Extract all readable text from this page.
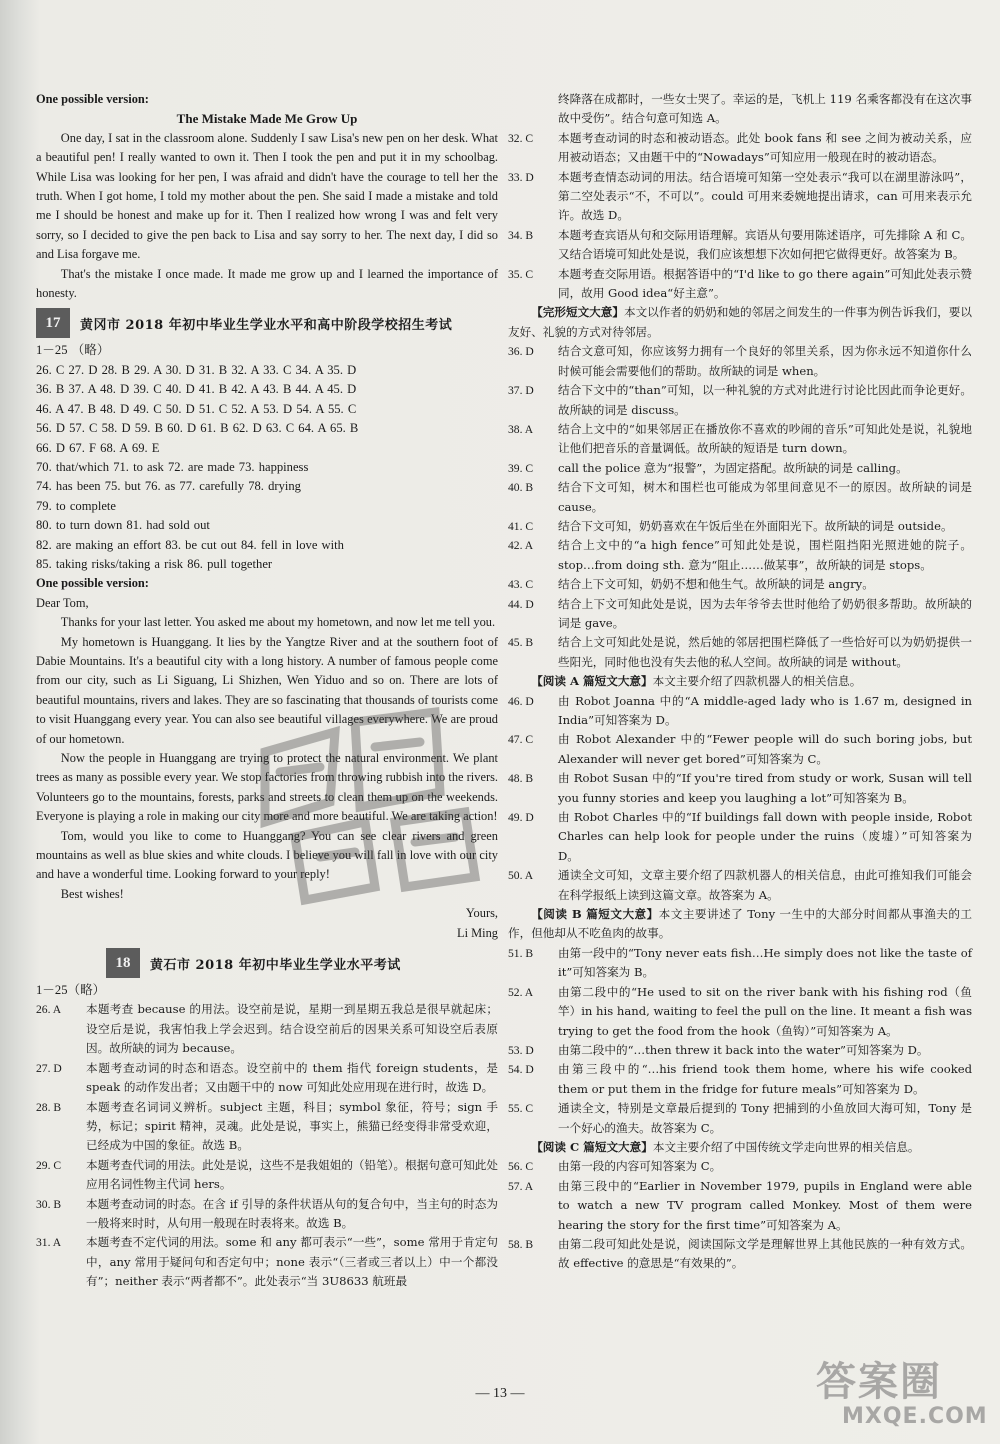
One possible version:

The Mistake Made Me Grow Up

One day, I sat in the classroom alone. Suddenly I saw Lisa's new pen on her desk. What a beautiful pen! I really wanted to own it. Then I took the pen and put it in my schoolbag. While Lisa was looking for her pen, I was afraid and didn't have the courage to tell her the truth. When I got home, I told my mother about the pen. She said I made a mistake and told me I should be honest and make up for it. Then I realized how wrong I was and felt very sorry, so I decided to give the pen back to Lisa and say sorry to her. The next day, I did so and Lisa forgave me.

That's the mistake I once made. It made me grow up and I learned the importance of honesty.

17	黄冈市 2018 年初中毕业生学业水平和高中阶段学校招生考试

1－25 （略）

26. C 27. D 28. B 29. A 30. D 31. B 32. A 33. C 34. A 35. D

36. B 37. A 48. D 39. C 40. D 41. B 42. A 43. B 44. A 45. D

46. A 47. B 48. D 49. C 50. D 51. C 52. A 53. D 54. A 55. C

56. D 57. C 58. D 59. B 60. D 61. B 62. D 63. C 64. A 65. B

66. D 67. F 68. A 69. E

70. that/which 71. to ask 72. are made 73. happiness

74. has been 75. but 76. as 77. carefully 78. drying

79. to complete

80. to turn down 81. had sold out

82. are making an effort 83. be cut out 84. fell in love with

85. taking risks/taking a risk 86. pull together

One possible version:

Dear Tom,

Thanks for your last letter. You asked me about my hometown, and now let me tell you.

My hometown is Huanggang. It lies by the Yangtze River and at the southern foot of Dabie Mountains. It's a beautiful city with a long history. A number of famous people come from our city, such as Li Siguang, Li Shizhen, Wen Yiduo and so on. There are lots of beautiful mountains, rivers and lakes. They are so fascinating that thousands of tourists come to visit Huanggang every year. You can also see beautiful villages everywhere. We are proud of our hometown.

Now the people in Huanggang are trying to protect the natural environment. We plant trees as many as possible every year. We stop factories from throwing rubbish into the rivers. Volunteers go to the mountains, forests, parks and streets to clean them up on the weekends. Everyone is playing a role in making our city more and more beautiful. We are taking action!

Tom, would you like to come to Huanggang? You can see clear rivers and green mountains as well as blue skies and white clouds. I believe you will fall in love with our city and have a wonderful time. Looking forward to your reply!

Best wishes!

Yours,

Li Ming

18	黄石市 2018 年初中毕业生学业水平考试

1－25（略）

26. A	本题考查 because 的用法。设空前是说，星期一到星期五我总是很早就起床；设空后是说，我害怕我上学会迟到。结合设空前后的因果关系可知设空后表原因。故所缺的词为 because。
27. D	本题考查动词的时态和语态。设空前中的 them 指代 foreign students，是 speak 的动作发出者；又由题干中的 now 可知此处应用现在进行时，故选 D。
28. B	本题考查名词词义辨析。subject 主题，科目；symbol 象征，符号；sign 手势，标记；spirit 精神，灵魂。此处是说，事实上，熊猫已经变得非常受欢迎，已经成为中国的象征。故选 B。
29. C	本题考查代词的用法。此处是说，这些不是我姐姐的（铅笔）。根据句意可知此处应用名词性物主代词 hers。
30. B	本题考查动词的时态。在含 if 引导的条件状语从句的复合句中，当主句的时态为一般将来时时，从句用一般现在时表将来。故选 B。
31. A	本题考查不定代词的用法。some 和 any 都可表示“一些”，some 常用于肯定句中，any 常用于疑问句和否定句中；none 表示“（三者或三者以上）中一个都没有”；neither 表示“两者都不”。此处表示“当 3U8633 航班最
终降落在成都时，一些女士哭了。幸运的是，飞机上 119 名乘客都没有在这次事故中受伤”。结合句意可知选 A。
32. C	本题考查动词的时态和被动语态。此处 book fans 和 see 之间为被动关系，应用被动语态；又由题干中的“Nowadays”可知应用一般现在时的被动语态。
33. D	本题考查情态动词的用法。结合语境可知第一空处表示“我可以在湖里游泳吗”，第二空处表示“不，不可以”。could 可用来委婉地提出请求，can 可用来表示允许。故选 D。
34. B	本题考查宾语从句和交际用语理解。宾语从句要用陈述语序，可先排除 A 和 C。又结合语境可知此处是说，我们应该想想下次如何把它做得更好。故答案为 B。
35. C	本题考查交际用语。根据答语中的“I'd like to go there again”可知此处表示赞同，故用 Good idea“好主意”。

【完形短文大意】本文以作者的奶奶和她的邻居之间发生的一件事为例告诉我们，要以友好、礼貌的方式对待邻居。

36. D	结合文意可知，你应该努力拥有一个良好的邻里关系，因为你永远不知道你什么时候可能会需要他们的帮助。故所缺的词是 when。
37. D	结合下文中的“than”可知，以一种礼貌的方式对此进行讨论比因此而争论更好。故所缺的词是 discuss。
38. A	结合上文中的“如果邻居正在播放你不喜欢的吵闹的音乐”可知此处是说，礼貌地让他们把音乐的音量调低。故所缺的短语是 turn down。
39. C	call the police 意为“报警”，为固定搭配。故所缺的词是 calling。
40. B	结合下文可知，树木和围栏也可能成为邻里间意见不一的原因。故所缺的词是 cause。
41. C	结合下文可知，奶奶喜欢在午饭后坐在外面阳光下。故所缺的词是 outside。
42. A	结合上文中的“a high fence”可知此处是说，围栏阻挡阳光照进她的院子。stop…from doing sth. 意为“阻止……做某事”，故所缺的词是 stops。
43. C	结合上下文可知，奶奶不想和他生气。故所缺的词是 angry。
44. D	结合上下文可知此处是说，因为去年爷爷去世时他给了奶奶很多帮助。故所缺的词是 gave。
45. B	结合上文可知此处是说，然后她的邻居把围栏降低了一些恰好可以为奶奶提供一些阳光，同时他也没有失去他的私人空间。故所缺的词是 without。

【阅读 A 篇短文大意】本文主要介绍了四款机器人的相关信息。

46. D	由 Robot Joanna 中的“A middle-aged lady who is 1.67 m, designed in India”可知答案为 D。
47. C	由 Robot Alexander 中的“Fewer people will do such boring jobs, but Alexander will never get bored”可知答案为 C。
48. B	由 Robot Susan 中的“If you're tired from study or work, Susan will tell you funny stories and keep you laughing a lot”可知答案为 B。
49. D	由 Robot Charles 中的“If buildings fall down with people inside, Robot Charles can help look for people under the ruins（废墟）”可知答案为 D。
50. A	通读全文可知，文章主要介绍了四款机器人的相关信息，由此可推知我们可能会在科学报纸上读到这篇文章。故答案为 A。

【阅读 B 篇短文大意】本文主要讲述了 Tony 一生中的大部分时间都从事渔夫的工作，但他却从不吃鱼肉的故事。

51. B	由第一段中的“Tony never eats fish…He simply does not like the taste of it”可知答案为 B。
52. A	由第二段中的“He used to sit on the river bank with his fishing rod（鱼竿）in his hand, waiting to feel the pull on the line. It meant a fish was trying to get the food from the hook（鱼钩）”可知答案为 A。
53. D	由第二段中的“…then threw it back into the water”可知答案为 D。
54. D	由第三段中的“…his friend took them home, where his wife cooked them or put them in the fridge for future meals”可知答案为 D。
55. C	通读全文，特别是文章最后提到的 Tony 把捕到的小鱼放回大海可知，Tony 是一个好心的渔夫。故答案为 C。

【阅读 C 篇短文大意】本文主要介绍了中国传统文学走向世界的相关信息。

56. C	由第一段的内容可知答案为 C。
57. A	由第三段中的“Earlier in November 1979, pupils in England were able to watch a new TV program called Monkey. Most of them were hearing the story for the first time”可知答案为 A。
58. B	由第二段可知此处是说，阅读国际文学是理解世界上其他民族的一种有效方式。故 effective 的意思是“有效果的”。
— 13 —	答案圈
MXQE.COM
